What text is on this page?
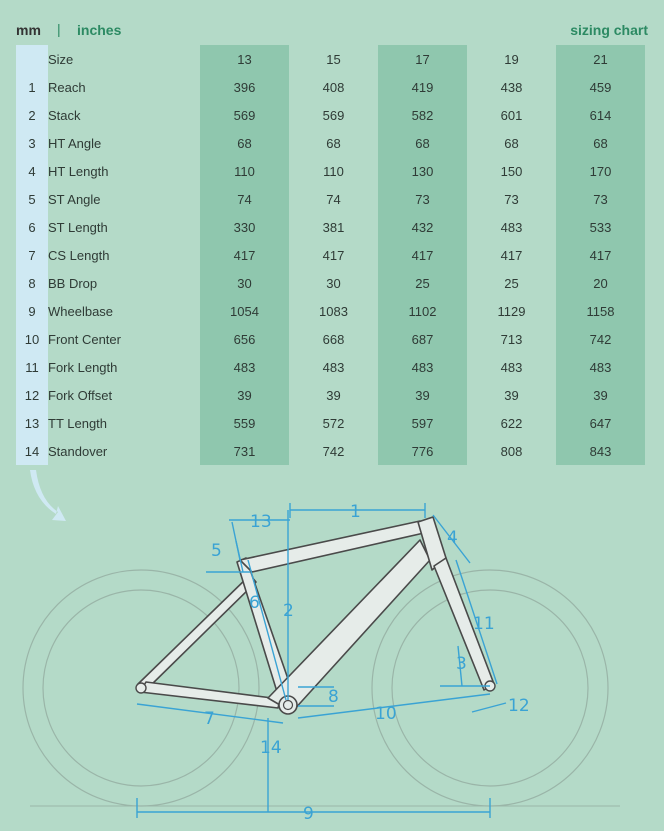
mm | inches	sizing chart
	Size	13	15	17	19	21
1	Reach	396	408	419	438	459
2	Stack	569	569	582	601	614
3	HT Angle	68	68	68	68	68
4	HT Length	110	110	130	150	170
5	ST Angle	74	74	73	73	73
6	ST Length	330	381	432	483	533
7	CS Length	417	417	417	417	417
8	BB Drop	30	30	25	25	20
9	Wheelbase	1054	1083	1102	1129	1158
10	Front Center	656	668	687	713	742
11	Fork Length	483	483	483	483	483
12	Fork Offset	39	39	39	39	39
13	TT Length	559	572	597	622	647
14	Standover	731	742	776	808	843
1
2
3
4
5
6
7
8
9
10
11
12
13
14
